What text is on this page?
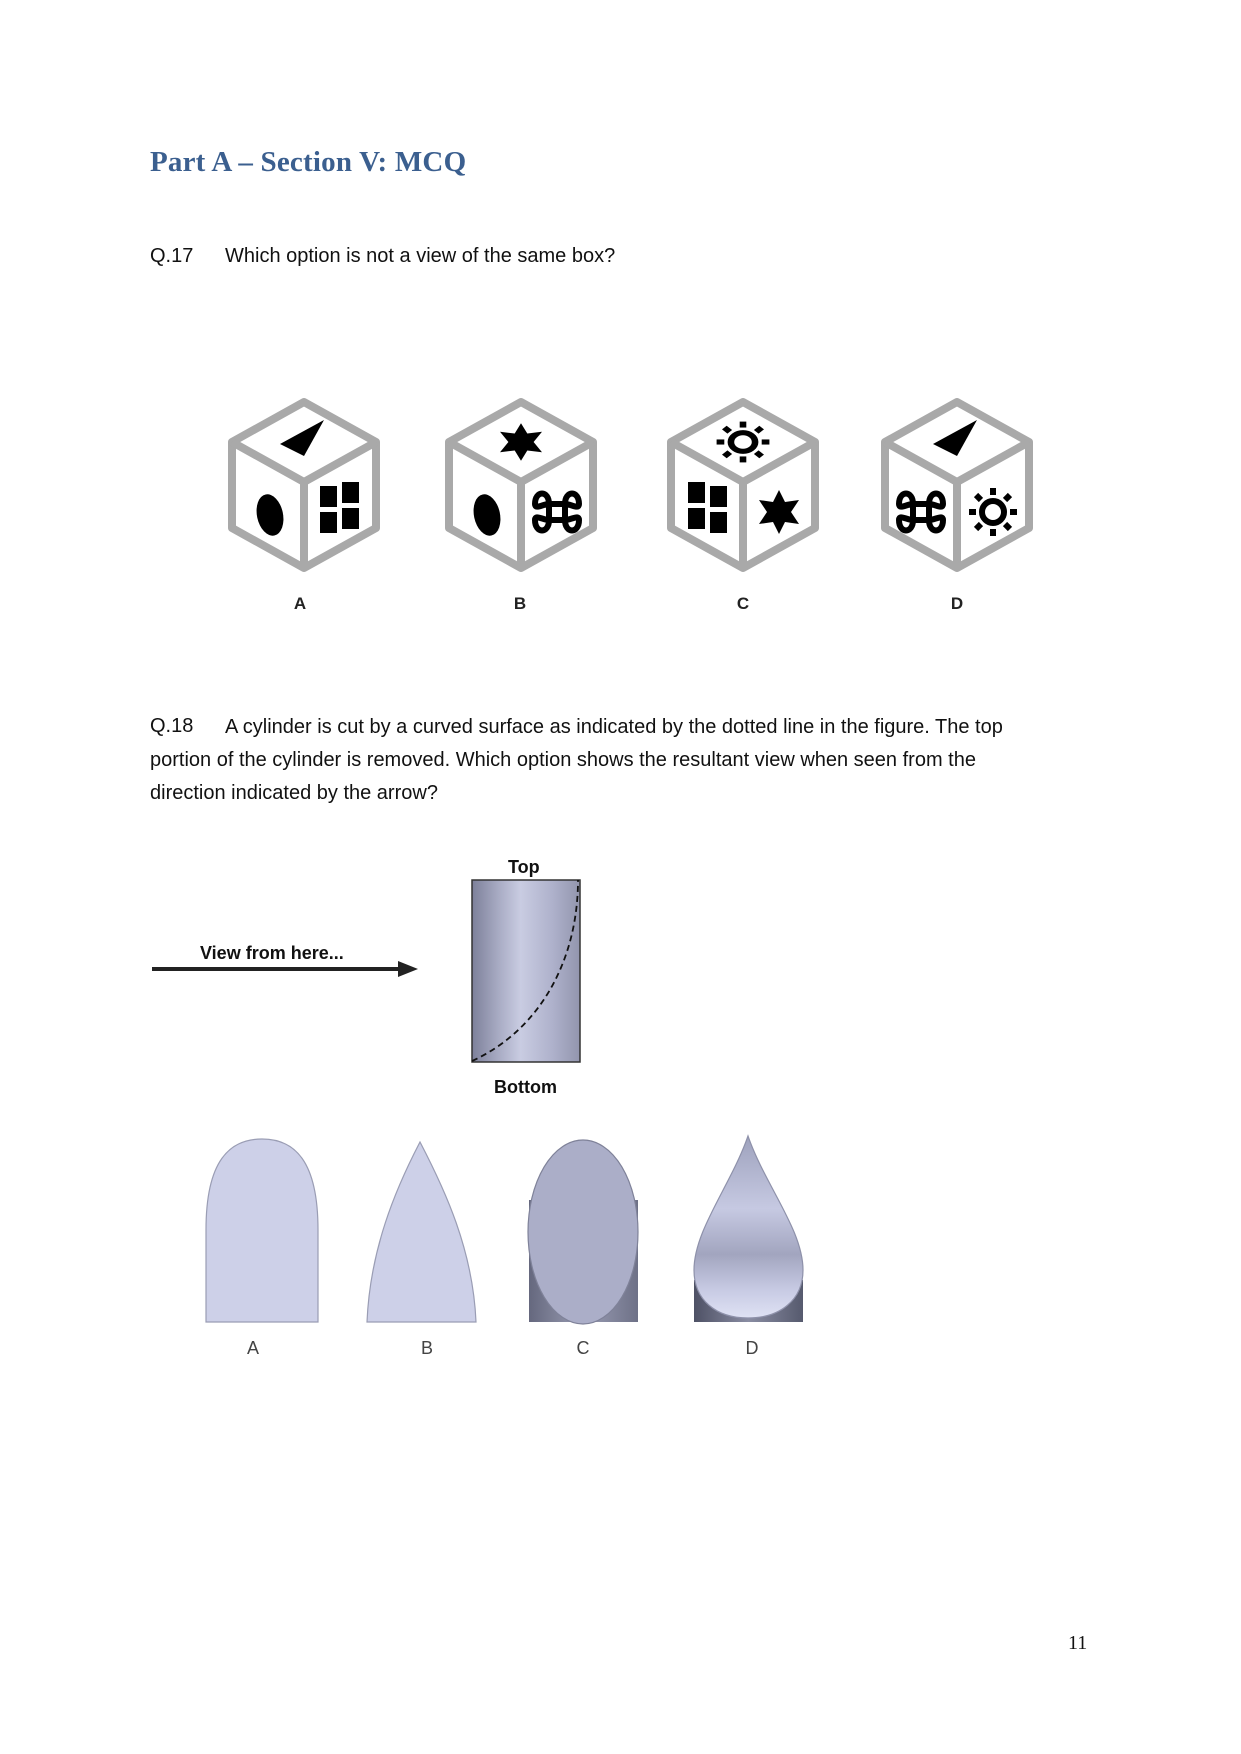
Part A – Section V: MCQ
Q.17 Which option is not a view of the same box?
A	B	C	D
Q.18 A cylinder is cut by a curved surface as indicated by the dotted line in the figure. The top
portion of the cylinder is removed. Which option shows the resultant view when seen from the
direction indicated by the arrow?
Top
Bottom
View from here...
A	B	C	D
11
